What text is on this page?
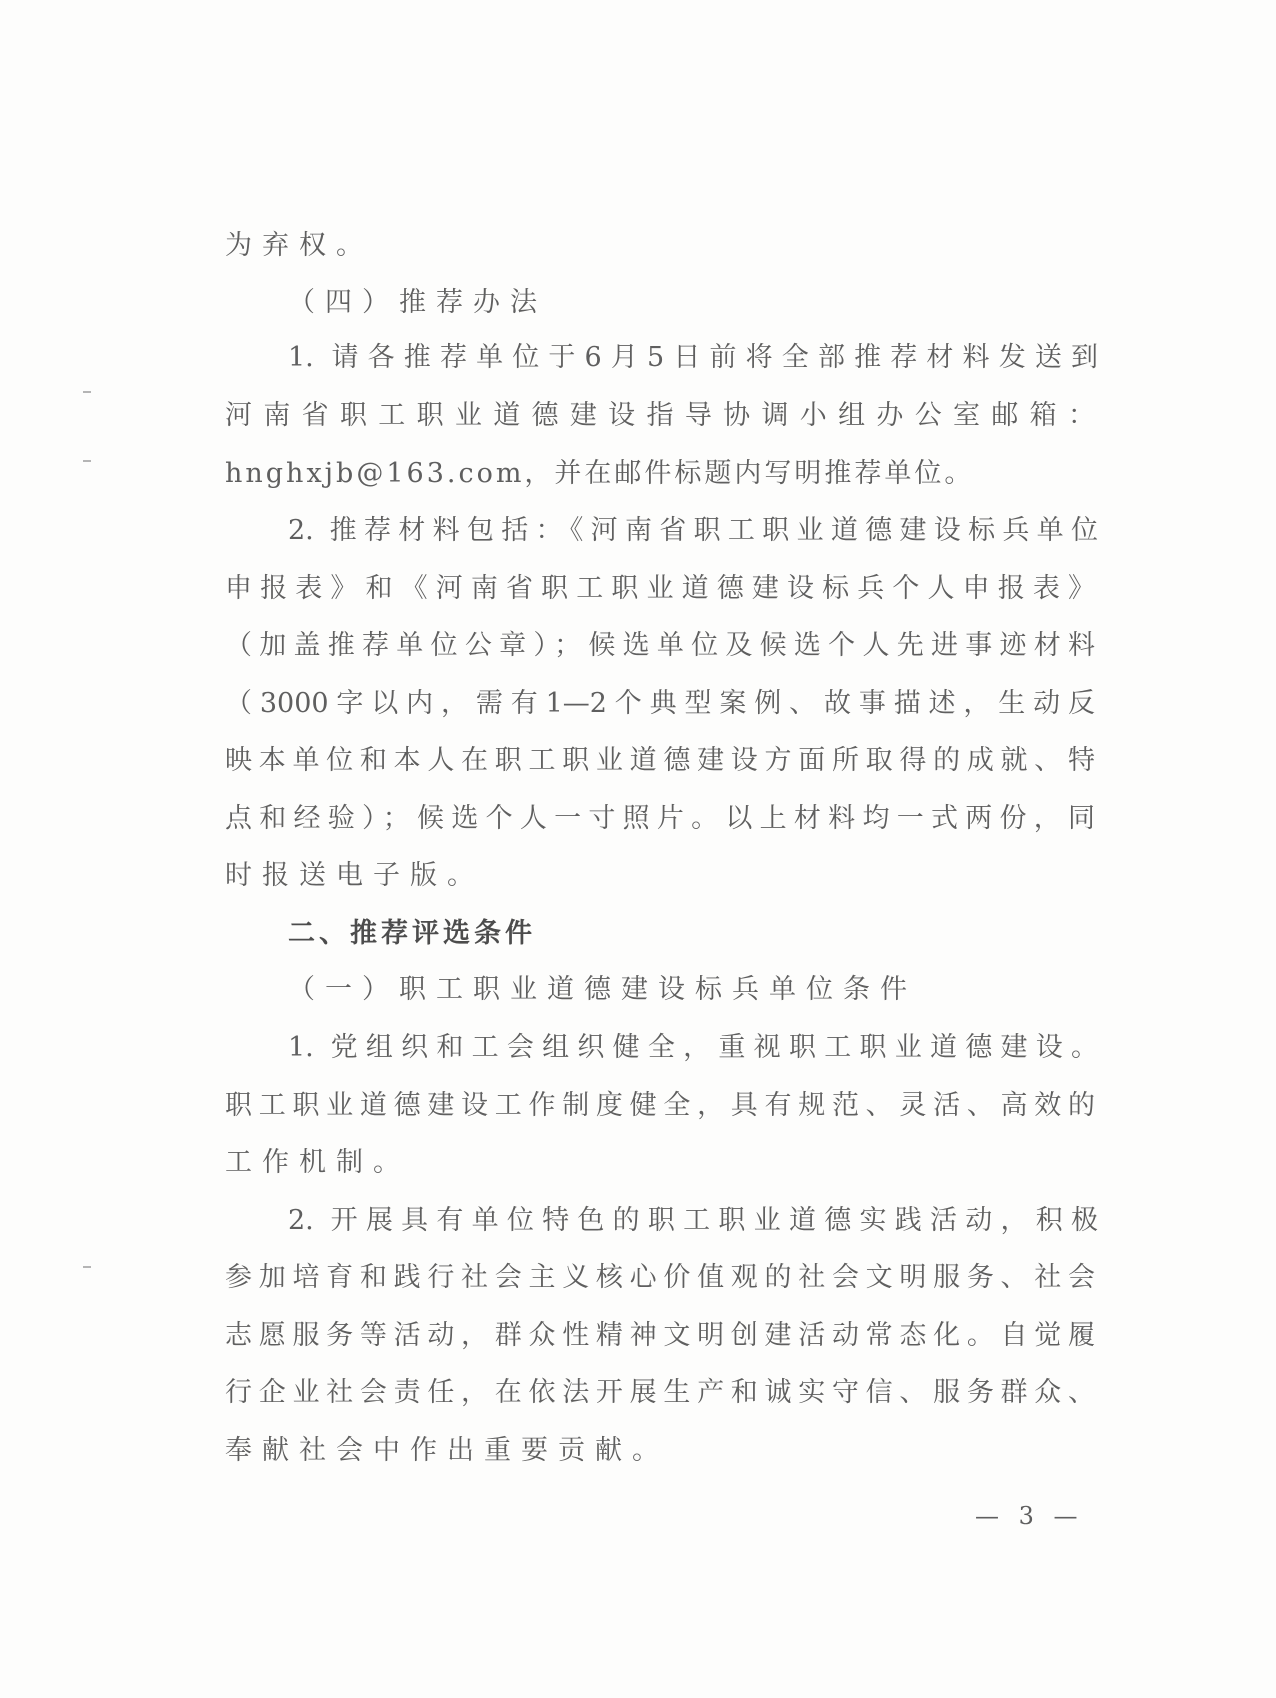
为弃权。
（四）推荐办法
1. 请各推荐单位于6月5日前将全部推荐材料发送到
河南省职工职业道德建设指导协调小组办公室邮箱：
hnghxjb@163.com，并在邮件标题内写明推荐单位。
2. 推荐材料包括：《河南省职工职业道德建设标兵单位
申报表》和《河南省职工职业道德建设标兵个人申报表》
（加盖推荐单位公章）；候选单位及候选个人先进事迹材料
（3000字以内，需有1—2个典型案例、故事描述，生动反
映本单位和本人在职工职业道德建设方面所取得的成就、特
点和经验）；候选个人一寸照片。以上材料均一式两份，同
时报送电子版。
二、推荐评选条件
（一）职工职业道德建设标兵单位条件
1. 党组织和工会组织健全，重视职工职业道德建设。
职工职业道德建设工作制度健全，具有规范、灵活、高效的
工作机制。
2. 开展具有单位特色的职工职业道德实践活动，积极
参加培育和践行社会主义核心价值观的社会文明服务、社会
志愿服务等活动，群众性精神文明创建活动常态化。自觉履
行企业社会责任，在依法开展生产和诚实守信、服务群众、
奉献社会中作出重要贡献。
— 3 —
